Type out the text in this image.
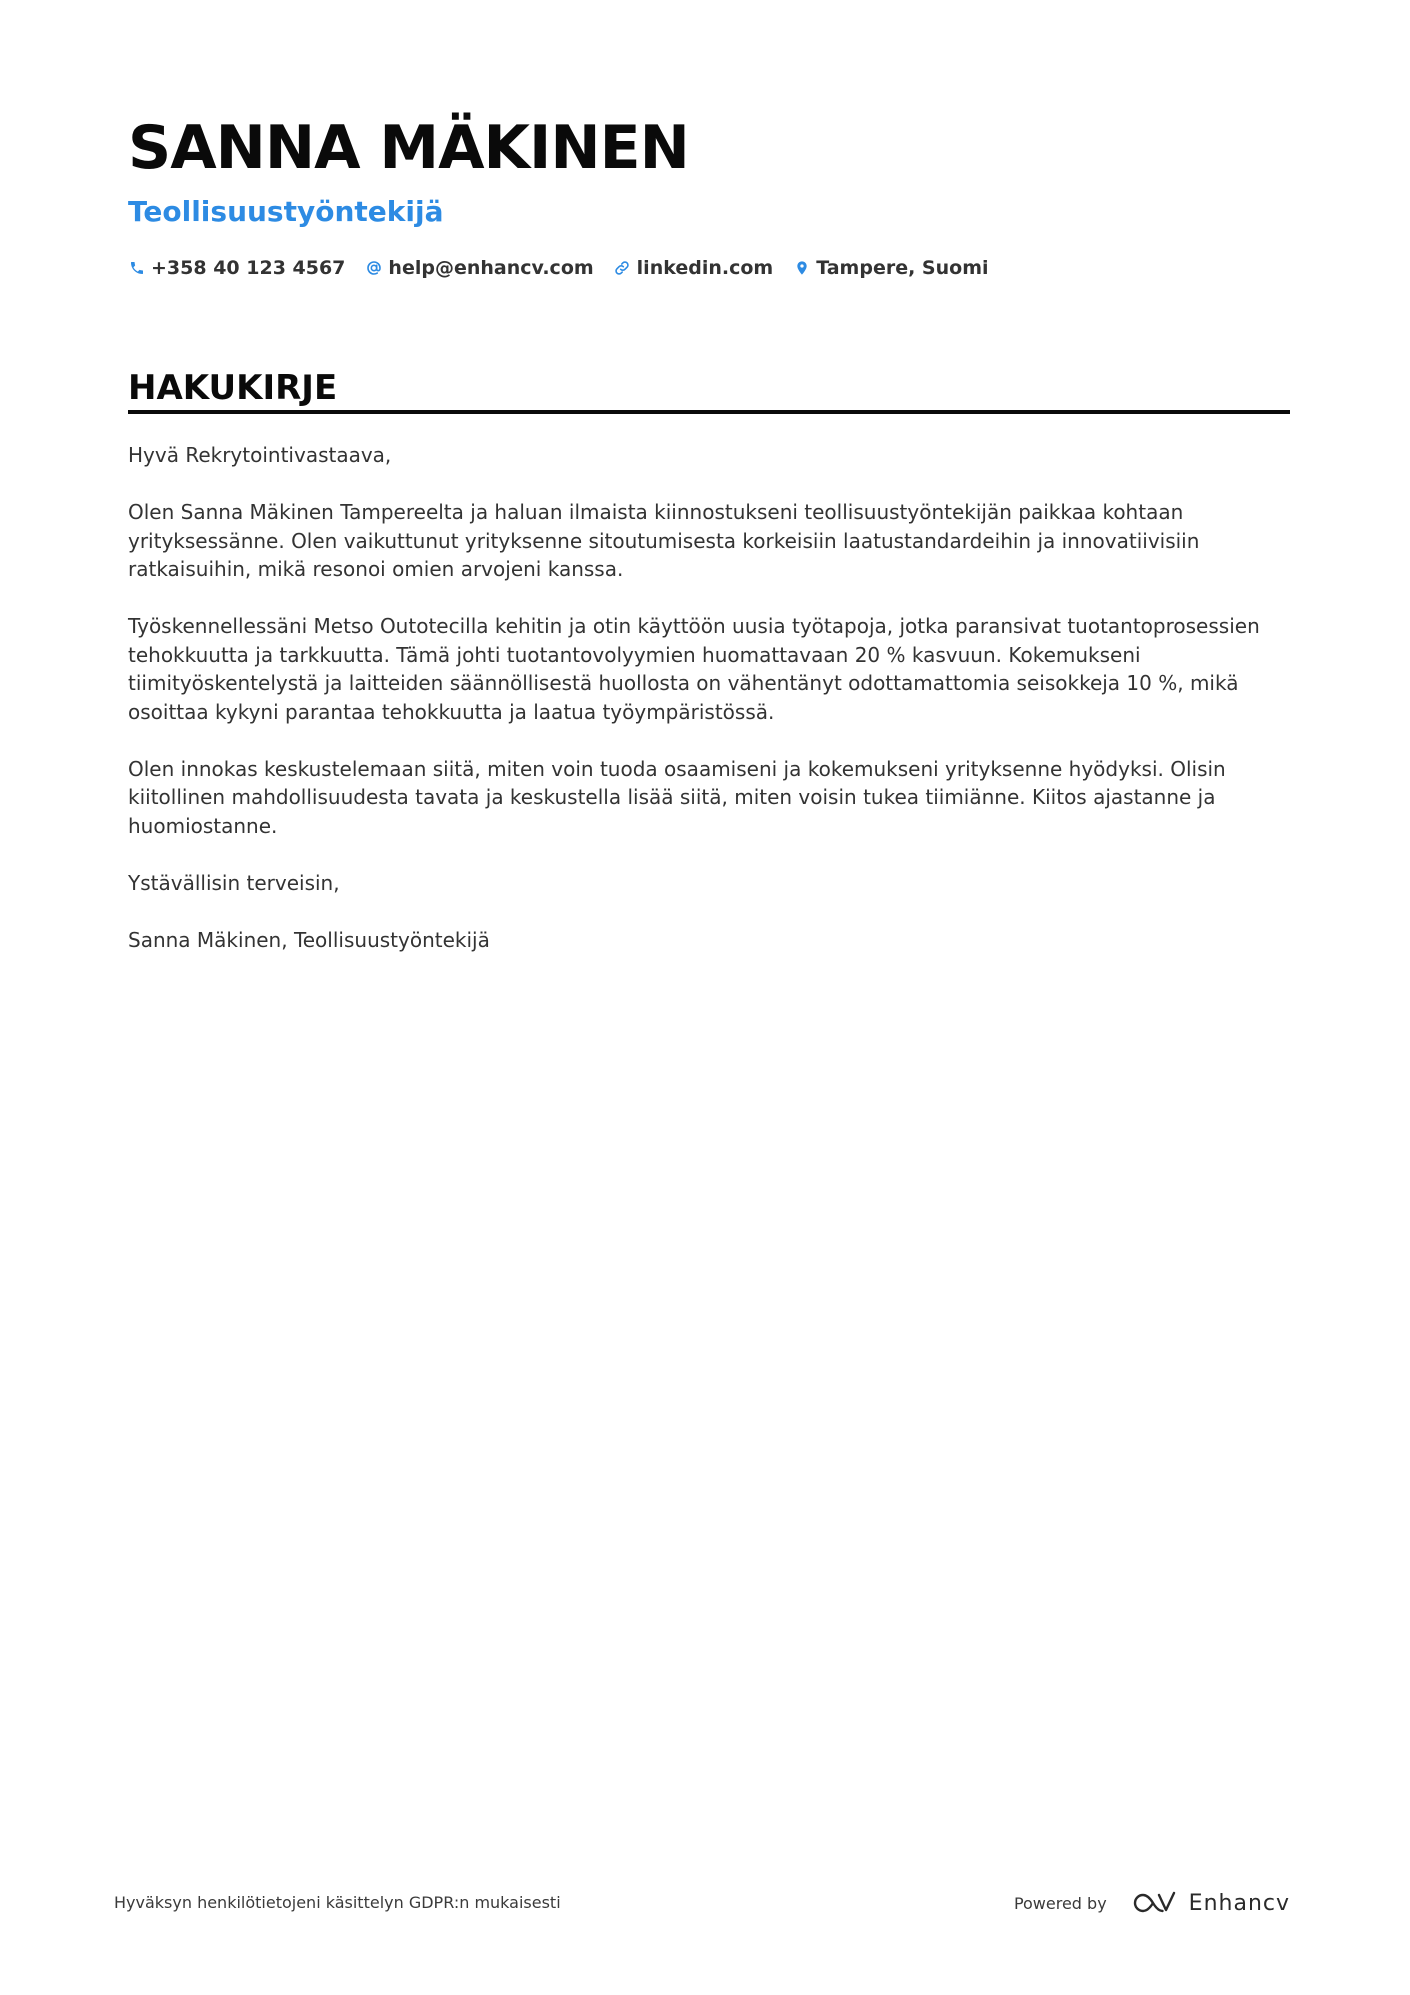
SANNA MÄKINEN
Teollisuustyöntekijä
+358 40 123 4567 help@enhancv.com linkedin.com Tampere, Suomi
HAKUKIRJE

Hyvä Rekrytointivastaava,

Olen Sanna Mäkinen Tampereelta ja haluan ilmaista kiinnostukseni teollisuustyöntekijän paikkaa kohtaan yrityksessänne. Olen vaikuttunut yrityksenne sitoutumisesta korkeisiin laatustandardeihin ja innovatiivisiin ratkaisuihin, mikä resonoi omien arvojeni kanssa.

Työskennellessäni Metso Outotecilla kehitin ja otin käyttöön uusia työtapoja, jotka paransivat tuotantoprosessien tehokkuutta ja tarkkuutta. Tämä johti tuotantovolyymien huomattavaan 20 % kasvuun. Kokemukseni tiimityöskentelystä ja laitteiden säännöllisestä huollosta on vähentänyt odottamattomia seisokkeja 10 %, mikä osoittaa kykyni parantaa tehokkuutta ja laatua työympäristössä.

Olen innokas keskustelemaan siitä, miten voin tuoda osaamiseni ja kokemukseni yrityksenne hyödyksi. Olisin kiitollinen mahdollisuudesta tavata ja keskustella lisää siitä, miten voisin tukea tiimiänne. Kiitos ajastanne ja huomiostanne.

Ystävällisin terveisin,

Sanna Mäkinen, Teollisuustyöntekijä

Hyväksyn henkilötietojeni käsittelyn GDPR:n mukaisesti	Powered by	Enhancv
